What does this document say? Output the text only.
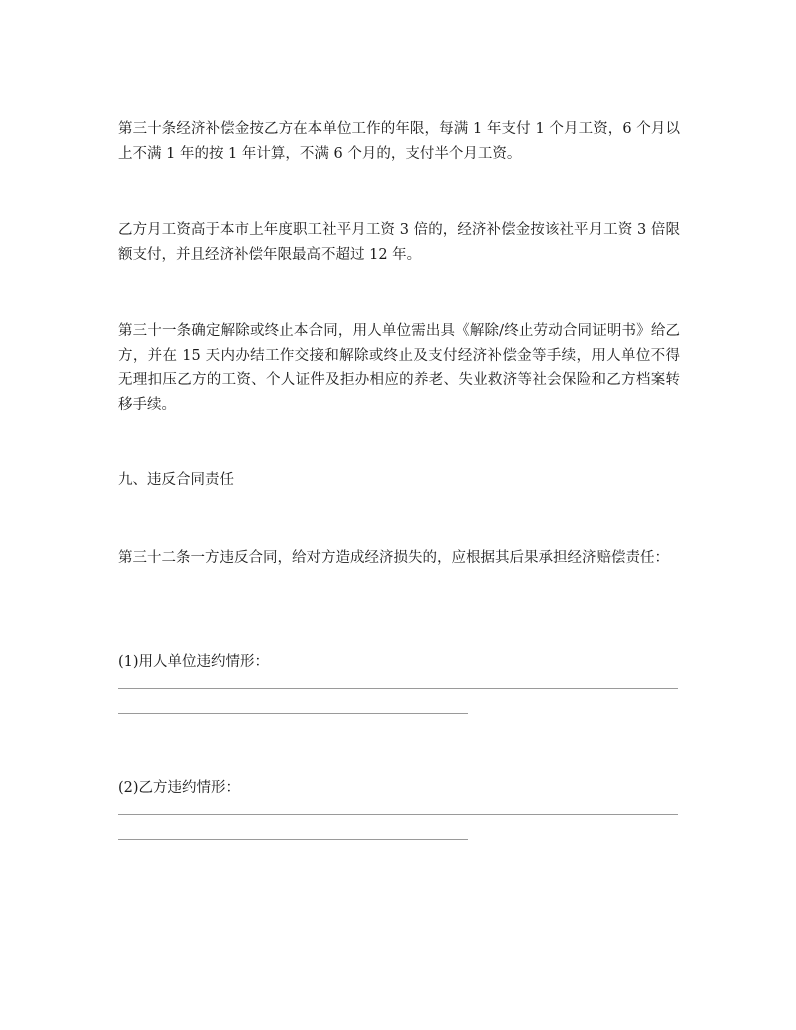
第三十条经济补偿金按乙方在本单位工作的年限，每满 1 年支付 1 个月工资，6 个月以上不满 1 年的按 1 年计算，不满 6 个月的，支付半个月工资。

乙方月工资高于本市上年度职工社平月工资 3 倍的，经济补偿金按该社平月工资 3 倍限额支付，并且经济补偿年限最高不超过 12 年。

第三十一条确定解除或终止本合同，用人单位需出具《解除/终止劳动合同证明书》给乙方，并在 15 天内办结工作交接和解除或终止及支付经济补偿金等手续，用人单位不得无理扣压乙方的工资、个人证件及拒办相应的养老、失业救济等社会保险和乙方档案转移手续。

九、违反合同责任

第三十二条一方违反合同，给对方造成经济损失的，应根据其后果承担经济赔偿责任：

(1)用人单位违约情形：

(2)乙方违约情形：
